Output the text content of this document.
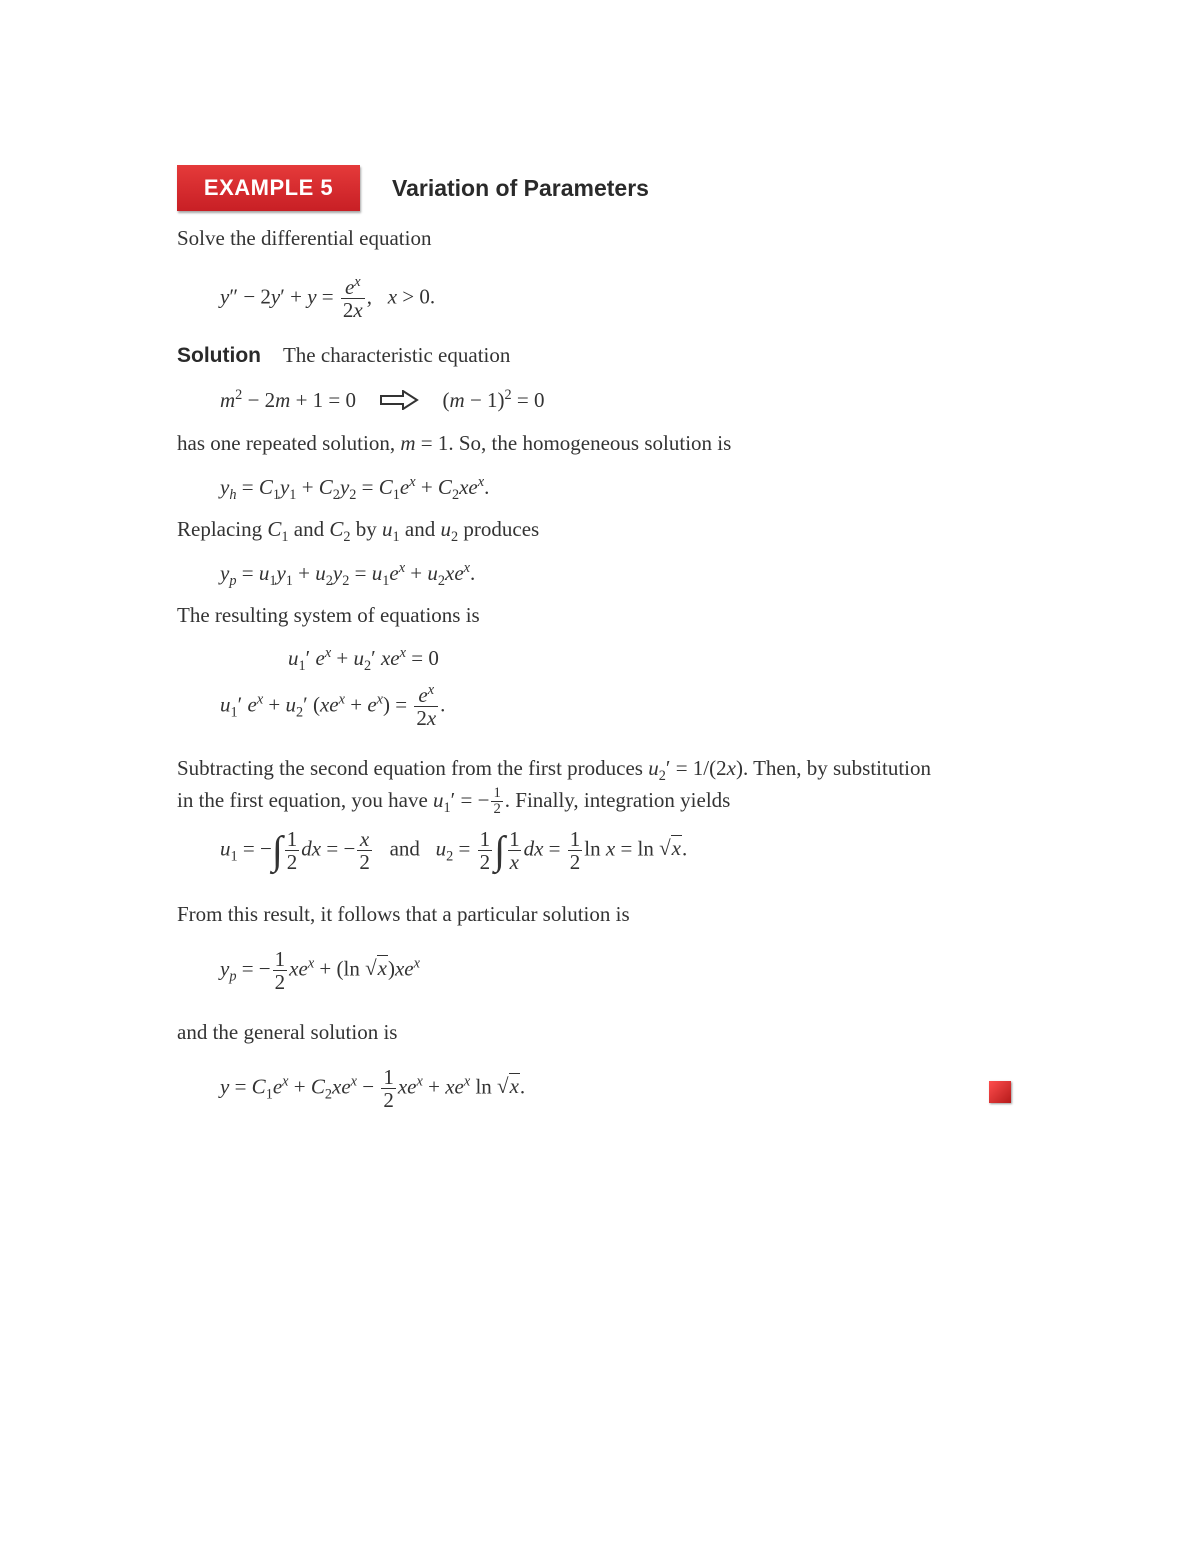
EXAMPLE 5	Variation of Parameters
Solve the differential equation
$y'' - 2y' + y = \frac{e^x}{2x}$ ,   x > 0.
Solution The characteristic equation
$m^2 - 2m + 1 = 0$	$(m - 1)^2 = 0$
has one repeated solution, m = 1. So, the homogeneous solution is
$y_h = C_1y_1 + C_2y_2 = C_1e^x + C_2xe^x$.
Replacing $C_1$ and $C_2$ by $u_1$ and $u_2$ produces
$y_p = u_1y_1 + u_2y_2 = u_1e^x + u_2xe^x$.
The resulting system of equations is
$u_1'$ $e^x + u_2'$ $xe^x = 0$
$u_1'$ $e^x + u_2'$ $(xe^x + e^x) = \frac{e^x}{2x}$ .
Subtracting the second equation from the first produces $u_2' = 1/(2x)$. Then, by substitution
in the first equation, you have $u_1'$ = − $\frac{1}{2}$ . Finally, integration yields
$u_1$ = −∫ $\frac{1}{2}$ dx = − $\frac{x}{2}$ and $u_2 = \frac{1}{2}$ ∫ $\frac{1}{x}$ dx = $\frac{1}{2}$ ln x = ln √x.
From this result, it follows that a particular solution is
$y_p$ = − $\frac{1}{2} xe^x + (\ln$ $√x)xe^x$
and the general solution is
$y = C_1e^x + C_2xe^x - \frac{1}{2} xe^x + xe^x$ ln √x.
